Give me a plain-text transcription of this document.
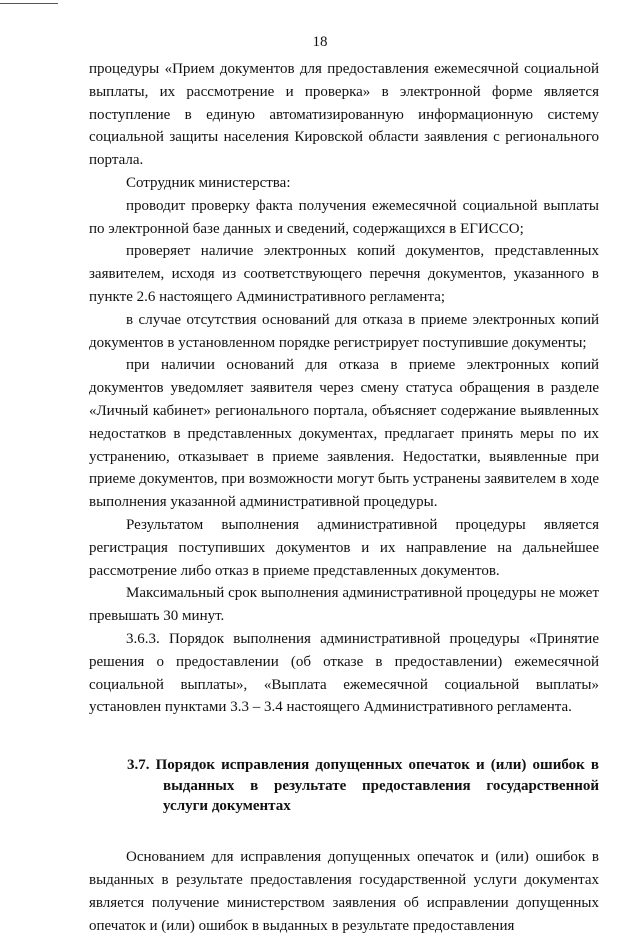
18

процедуры «Прием документов для предоставления ежемесячной социальной выплаты, их рассмотрение и проверка» в электронной форме является поступление в единую автоматизированную информационную систему социальной защиты населения Кировской области заявления с регионального портала.

Сотрудник министерства:

проводит проверку факта получения ежемесячной социальной выплаты по электронной базе данных и сведений, содержащихся в ЕГИССО;

проверяет наличие электронных копий документов, представленных заявителем, исходя из соответствующего перечня документов, указанного в пункте 2.6 настоящего Административного регламента;

в случае отсутствия оснований для отказа в приеме электронных копий документов в установленном порядке регистрирует поступившие документы;

при наличии оснований для отказа в приеме электронных копий документов уведомляет заявителя через смену статуса обращения в разделе «Личный кабинет» регионального портала, объясняет содержание выявленных недостатков в представленных документах, предлагает принять меры по их устранению, отказывает в приеме заявления. Недостатки, выявленные при приеме документов, при возможности могут быть устранены заявителем в ходе выполнения указанной административной процедуры.

Результатом выполнения административной процедуры является регистрация поступивших документов и их направление на дальнейшее рассмотрение либо отказ в приеме представленных документов.

Максимальный срок выполнения административной процедуры не может превышать 30 минут.

3.6.3. Порядок выполнения административной процедуры «Принятие решения о предоставлении (об отказе в предоставлении) ежемесячной социальной выплаты», «Выплата ежемесячной социальной выплаты» установлен пунктами 3.3 – 3.4 настоящего Административного регламента.

3.7. Порядок исправления допущенных опечаток и (или) ошибок в выданных в результате предоставления государственной услуги документах

Основанием для исправления допущенных опечаток и (или) ошибок в выданных в результате предоставления государственной услуги документах является получение министерством заявления об исправлении допущенных опечаток и (или) ошибок в выданных в результате предоставления
